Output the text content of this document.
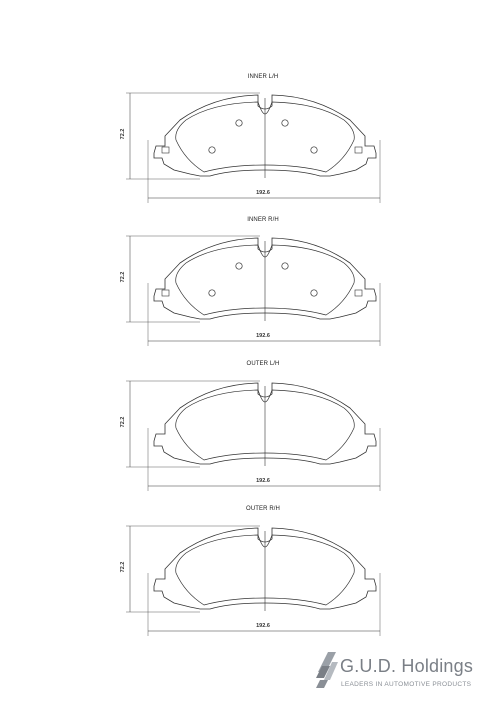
INNER L/H
72.2
192.6
INNER R/H
72.2
192.6
OUTER L/H
72.2
192.6
OUTER R/H
72.2
192.6
G.U.D. Holdings
LEADERS IN AUTOMOTIVE PRODUCTS
